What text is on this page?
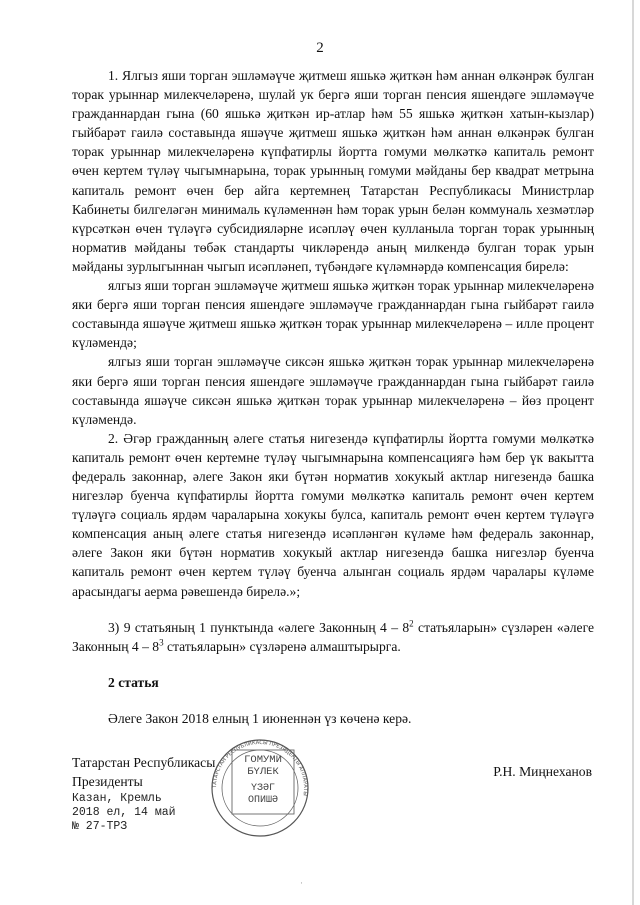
2

1. Ялгыз яши торган эшләмәүче җитмеш яшькә җиткән һәм аннан өлкәнрәк булган торак урыннар милекчеләренә, шулай ук бергә яши торган пенсия яшендәге эшләмәүче гражданнардан гына (60 яшькә җиткән ир-атлар һәм 55 яшькә җиткән хатын-кызлар) гыйбарәт гаилә составында яшәүче җитмеш яшькә җиткән һәм аннан өлкәнрәк булган торак урыннар милекчеләренә күпфатирлы йортта гомуми мөлкәткә капиталь ремонт өчен кертем түләү чыгымнарына, торак урынның гомуми мәйданы бер квадрат метрына капиталь ремонт өчен бер айга кертемнең Татарстан Республикасы Министрлар Кабинеты билгеләгән минималь күләменнән һәм торак урын белән коммуналь хезмәтләр күрсәткән өчен түләүгә субсидияләрне исәпләү өчен кулланыла торган торак урынның норматив мәйданы төбәк стандарты чикләрендә аның милкендә булган торак урын мәйданы зурлыгыннан чыгып исәпләнеп, түбәндәге күләмнәрдә компенсация бирелә:

ялгыз яши торган эшләмәүче җитмеш яшькә җиткән торак урыннар милекчеләренә яки бергә яши торган пенсия яшендәге эшләмәүче гражданнардан гына гыйбарәт гаилә составында яшәүче җитмеш яшькә җиткән торак урыннар милекчеләренә – илле процент күләмендә;

ялгыз яши торган эшләмәүче сиксән яшькә җиткән торак урыннар милекчеләренә яки бергә яши торган пенсия яшендәге эшләмәүче гражданнардан гына гыйбарәт гаилә составында яшәүче сиксән яшькә җиткән торак урыннар милекчеләренә – йөз процент күләмендә.

2. Әгәр гражданның әлеге статья нигезендә күпфатирлы йортта гомуми мөлкәткә капиталь ремонт өчен кертемне түләү чыгымнарына компенсациягә һәм бер үк вакытта федераль законнар, әлеге Закон яки бүтән норматив хокукый актлар нигезендә башка нигезләр буенча күпфатирлы йортта гомуми мөлкәткә капиталь ремонт өчен кертем түләүгә социаль ярдәм чараларына хокукы булса, капиталь ремонт өчен кертем түләүгә компенсация аның әлеге статья нигезендә исәпләнгән күләме һәм федераль законнар, әлеге Закон яки бүтән норматив хокукый актлар нигезендә башка нигезләр буенча капиталь ремонт өчен кертем түләү буенча алынган социаль ярдәм чаралары күләме арасындагы аерма рәвешендә бирелә.»;

3) 9 статьяның 1 пунктында «әлеге Законның $4 - 8^2$ статьяларын» сүзләрен «әлеге Законның $4 - 8^3$ статьяларын» сүзләренә алмаштырырга.

2 статья

Әлеге Закон 2018 елның 1 июненнән үз көченә керә.

Татарстан Республикасы
Президенты
Р.Н. Миңнеханов
Казан, Кремль
2018 ел, 14 май
№ 27-ТРЗ
ТАТАРСТАН РЕСПУБЛИКАСЫ ПРЕЗИДЕНТЫ АППАРАТЫ
ГОМУМИ
БҮЛЕК
ҮЗӘГ
ОПИШӘ
·
